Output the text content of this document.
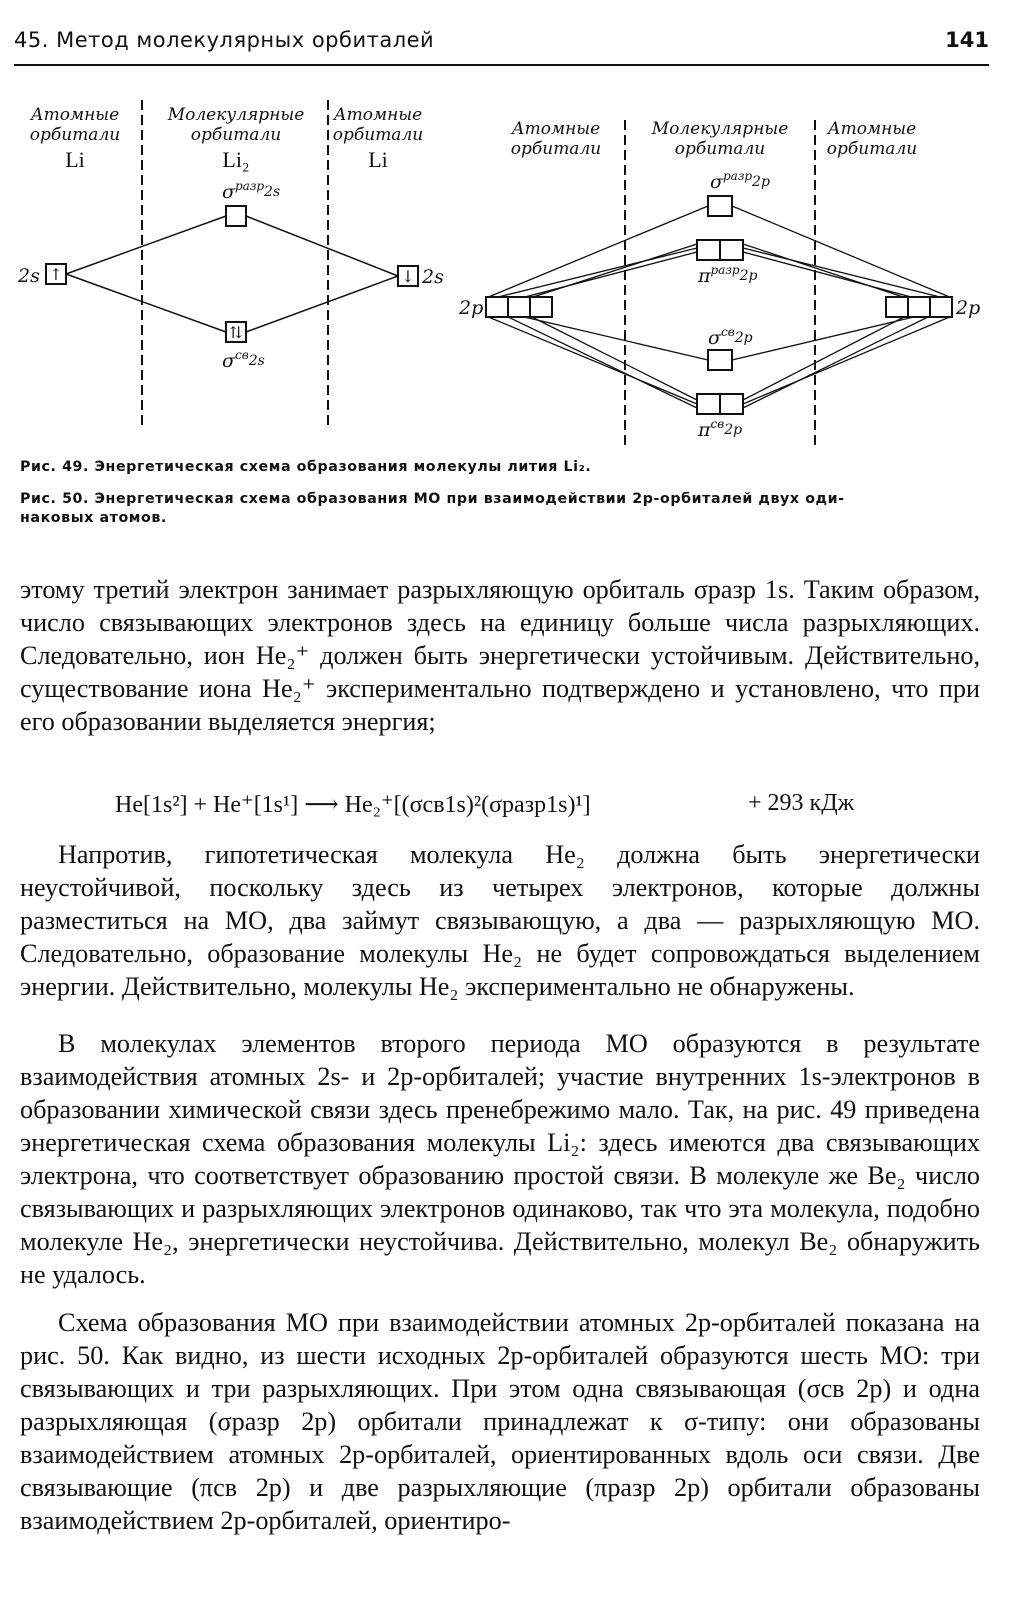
45. Метод молекулярных орбиталей	141
Атомные
орбитали
Li
Молекулярные
орбитали
Li₂
Атомные
орбитали
Li
$\sigma^{разр}_{2s}$
⇅
$\sigma^{св}_{2s}$
2s ↑	↓ 2s
Атомные
орбитали
Молекулярные
орбитали
Атомные
орбитали
$\sigma^{разр}_{2p}$
$\pi^{разр}_{2p}$
$\sigma^{св}_{2p}$
$\pi^{св}_{2p}$
2p	2p
Рис. 49. Энергетическая схема образования молекулы лития Li₂.
Рис. 50. Энергетическая схема образования МО при взаимодействии 2p-орбиталей двух оди-
наковых атомов.

этому третий электрон занимает разрыхляющую орбиталь σразр 1s. Таким образом, число связывающих электронов здесь на единицу больше числа разрыхляющих. Следовательно, ион He₂⁺ должен быть энергетически устойчивым. Действительно, существование иона He₂⁺ экспериментально подтверждено и установлено, что при его образовании выделяется энергия;

He[1s²] + He⁺[1s¹] ⟶ He₂⁺[(σсв1s)²(σразр1s)¹]	+ 293 кДж

Напротив, гипотетическая молекула He₂ должна быть энергетически неустойчивой, поскольку здесь из четырех электронов, которые должны разместиться на МО, два займут связывающую, а два — разрыхляющую МО. Следовательно, образование молекулы He₂ не будет сопровождаться выделением энергии. Действительно, молекулы He₂ экспериментально не обнаружены.

В молекулах элементов второго периода МО образуются в результате взаимодействия атомных 2s- и 2p-орбиталей; участие внутренних 1s-электронов в образовании химической связи здесь пренебрежимо мало. Так, на рис. 49 приведена энергетическая схема образования молекулы Li₂: здесь имеются два связывающих электрона, что соответствует образованию простой связи. В молекуле же Be₂ число связывающих и разрыхляющих электронов одинаково, так что эта молекула, подобно молекуле He₂, энергетически неустойчива. Действительно, молекул Be₂ обнаружить не удалось.

Схема образования МО при взаимодействии атомных 2p-орбиталей показана на рис. 50. Как видно, из шести исходных 2p-орбиталей образуются шесть МО: три связывающих и три разрыхляющих. При этом одна связывающая (σсв 2p) и одна разрыхляющая (σразр 2p) орбитали принадлежат к σ-типу: они образованы взаимодействием атомных 2p-орбиталей, ориентированных вдоль оси связи. Две связывающие (πсв 2p) и две разрыхляющие (πразр 2p) орбитали образованы взаимодействием 2p-орбиталей, ориентиро-
